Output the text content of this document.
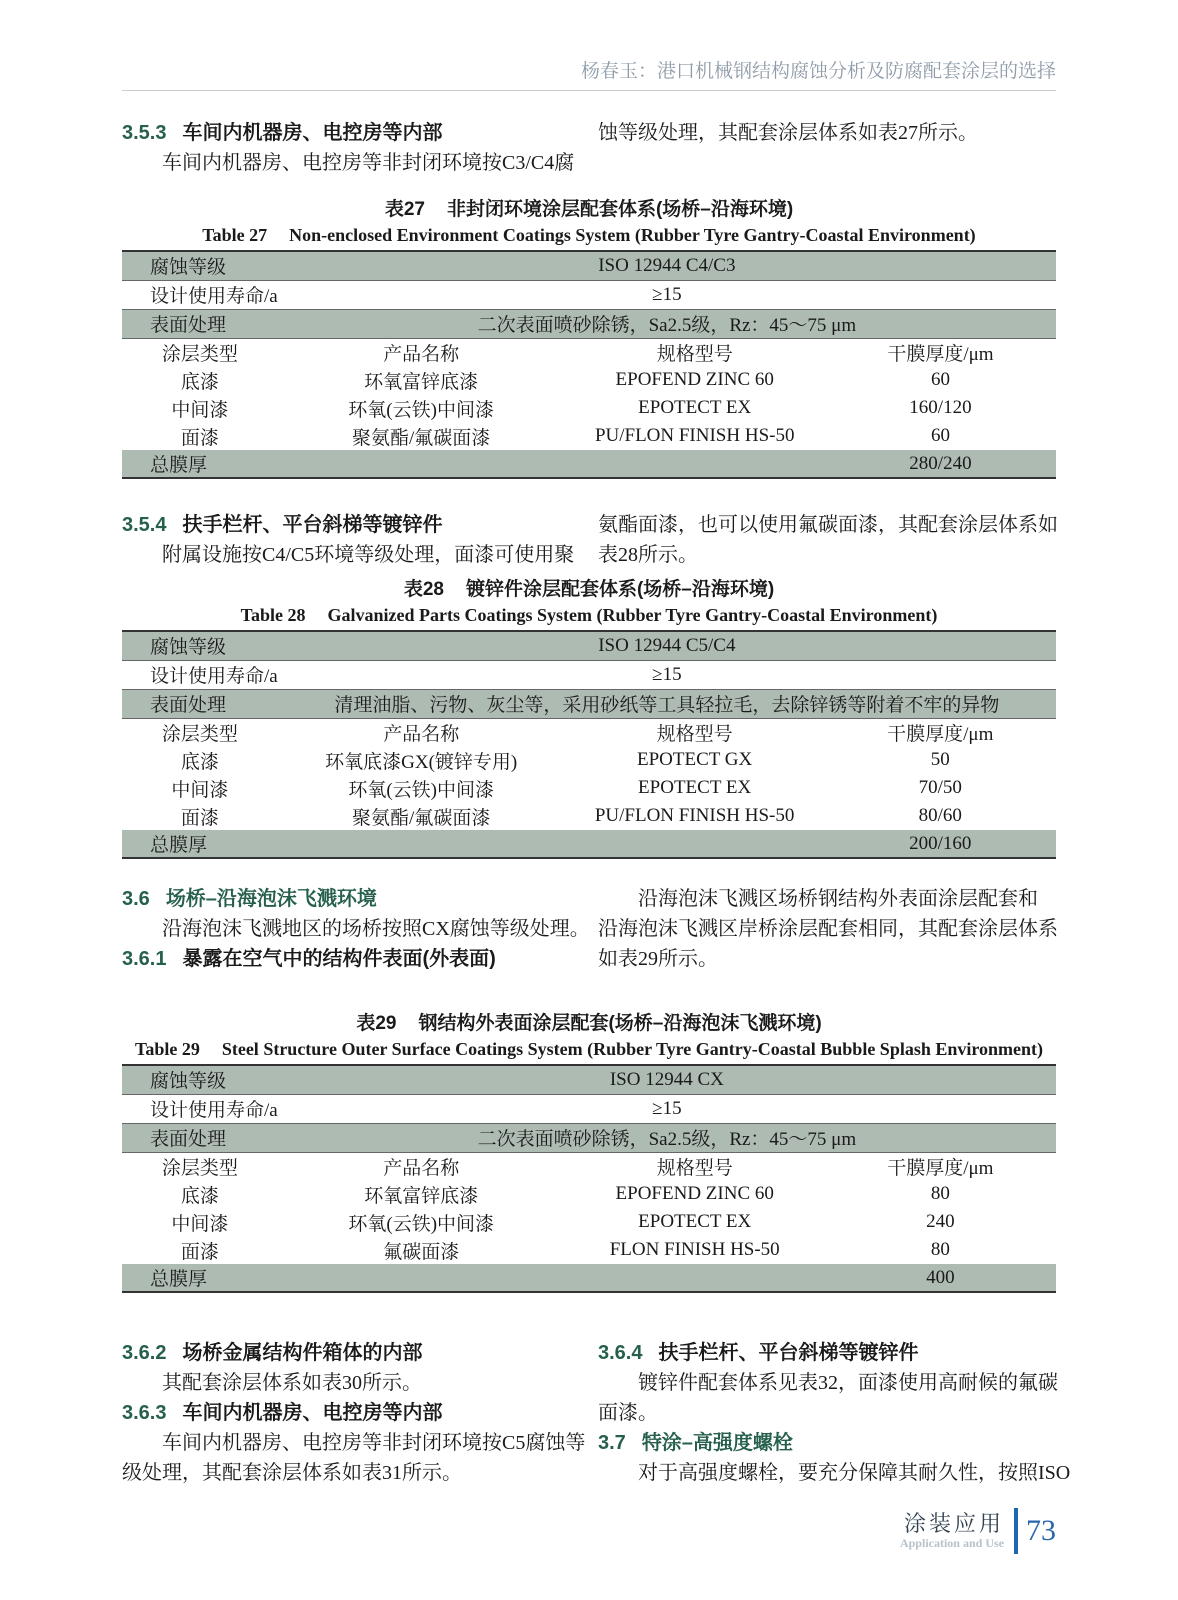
杨春玉：港口机械钢结构腐蚀分析及防腐配套涂层的选择
3.5.3 车间内机器房、电控房等内部
车间内机器房、电控房等非封闭环境按C3/C4腐
蚀等级处理，其配套涂层体系如表27所示。
表27 非封闭环境涂层配套体系(场桥–沿海环境)
Table 27 Non-enclosed Environment Coatings System (Rubber Tyre Gantry-Coastal Environment)
腐蚀等级	ISO 12944 C4/C3		
设计使用寿命/a	≥15		
表面处理	二次表面喷砂除锈，Sa2.5级，Rz：45～75 μm		
涂层类型	产品名称	规格型号	干膜厚度/μm
底漆	环氧富锌底漆	EPOFEND ZINC 60	60
中间漆	环氧(云铁)中间漆	EPOTECT EX	160/120
面漆	聚氨酯/氟碳面漆	PU/FLON FINISH HS-50	60
总膜厚			280/240
3.5.4 扶手栏杆、平台斜梯等镀锌件
附属设施按C4/C5环境等级处理，面漆可使用聚
氨酯面漆，也可以使用氟碳面漆，其配套涂层体系如
表28所示。
表28 镀锌件涂层配套体系(场桥–沿海环境)
Table 28 Galvanized Parts Coatings System (Rubber Tyre Gantry-Coastal Environment)
腐蚀等级	ISO 12944 C5/C4		
设计使用寿命/a	≥15		
表面处理	清理油脂、污物、灰尘等，采用砂纸等工具轻拉毛，去除锌锈等附着不牢的异物		
涂层类型	产品名称	规格型号	干膜厚度/μm
底漆	环氧底漆GX(镀锌专用)	EPOTECT GX	50
中间漆	环氧(云铁)中间漆	EPOTECT EX	70/50
面漆	聚氨酯/氟碳面漆	PU/FLON FINISH HS-50	80/60
总膜厚			200/160
3.6 场桥–沿海泡沫飞溅环境
沿海泡沫飞溅地区的场桥按照CX腐蚀等级处理。
3.6.1 暴露在空气中的结构件表面(外表面)
沿海泡沫飞溅区场桥钢结构外表面涂层配套和
沿海泡沫飞溅区岸桥涂层配套相同，其配套涂层体系
如表29所示。
表29 钢结构外表面涂层配套(场桥–沿海泡沫飞溅环境)
Table 29 Steel Structure Outer Surface Coatings System (Rubber Tyre Gantry-Coastal Bubble Splash Environment)
腐蚀等级	ISO 12944 CX		
设计使用寿命/a	≥15		
表面处理	二次表面喷砂除锈，Sa2.5级，Rz：45～75 μm		
涂层类型	产品名称	规格型号	干膜厚度/μm
底漆	环氧富锌底漆	EPOFEND ZINC 60	80
中间漆	环氧(云铁)中间漆	EPOTECT EX	240
面漆	氟碳面漆	FLON FINISH HS-50	80
总膜厚			400
3.6.2 场桥金属结构件箱体的内部
其配套涂层体系如表30所示。
3.6.3 车间内机器房、电控房等内部
车间内机器房、电控房等非封闭环境按C5腐蚀等
级处理，其配套涂层体系如表31所示。
3.6.4 扶手栏杆、平台斜梯等镀锌件
镀锌件配套体系见表32，面漆使用高耐候的氟碳
面漆。
3.7 特涂–高强度螺栓
对于高强度螺栓，要充分保障其耐久性，按照ISO
涂装应用
Application and Use 73
